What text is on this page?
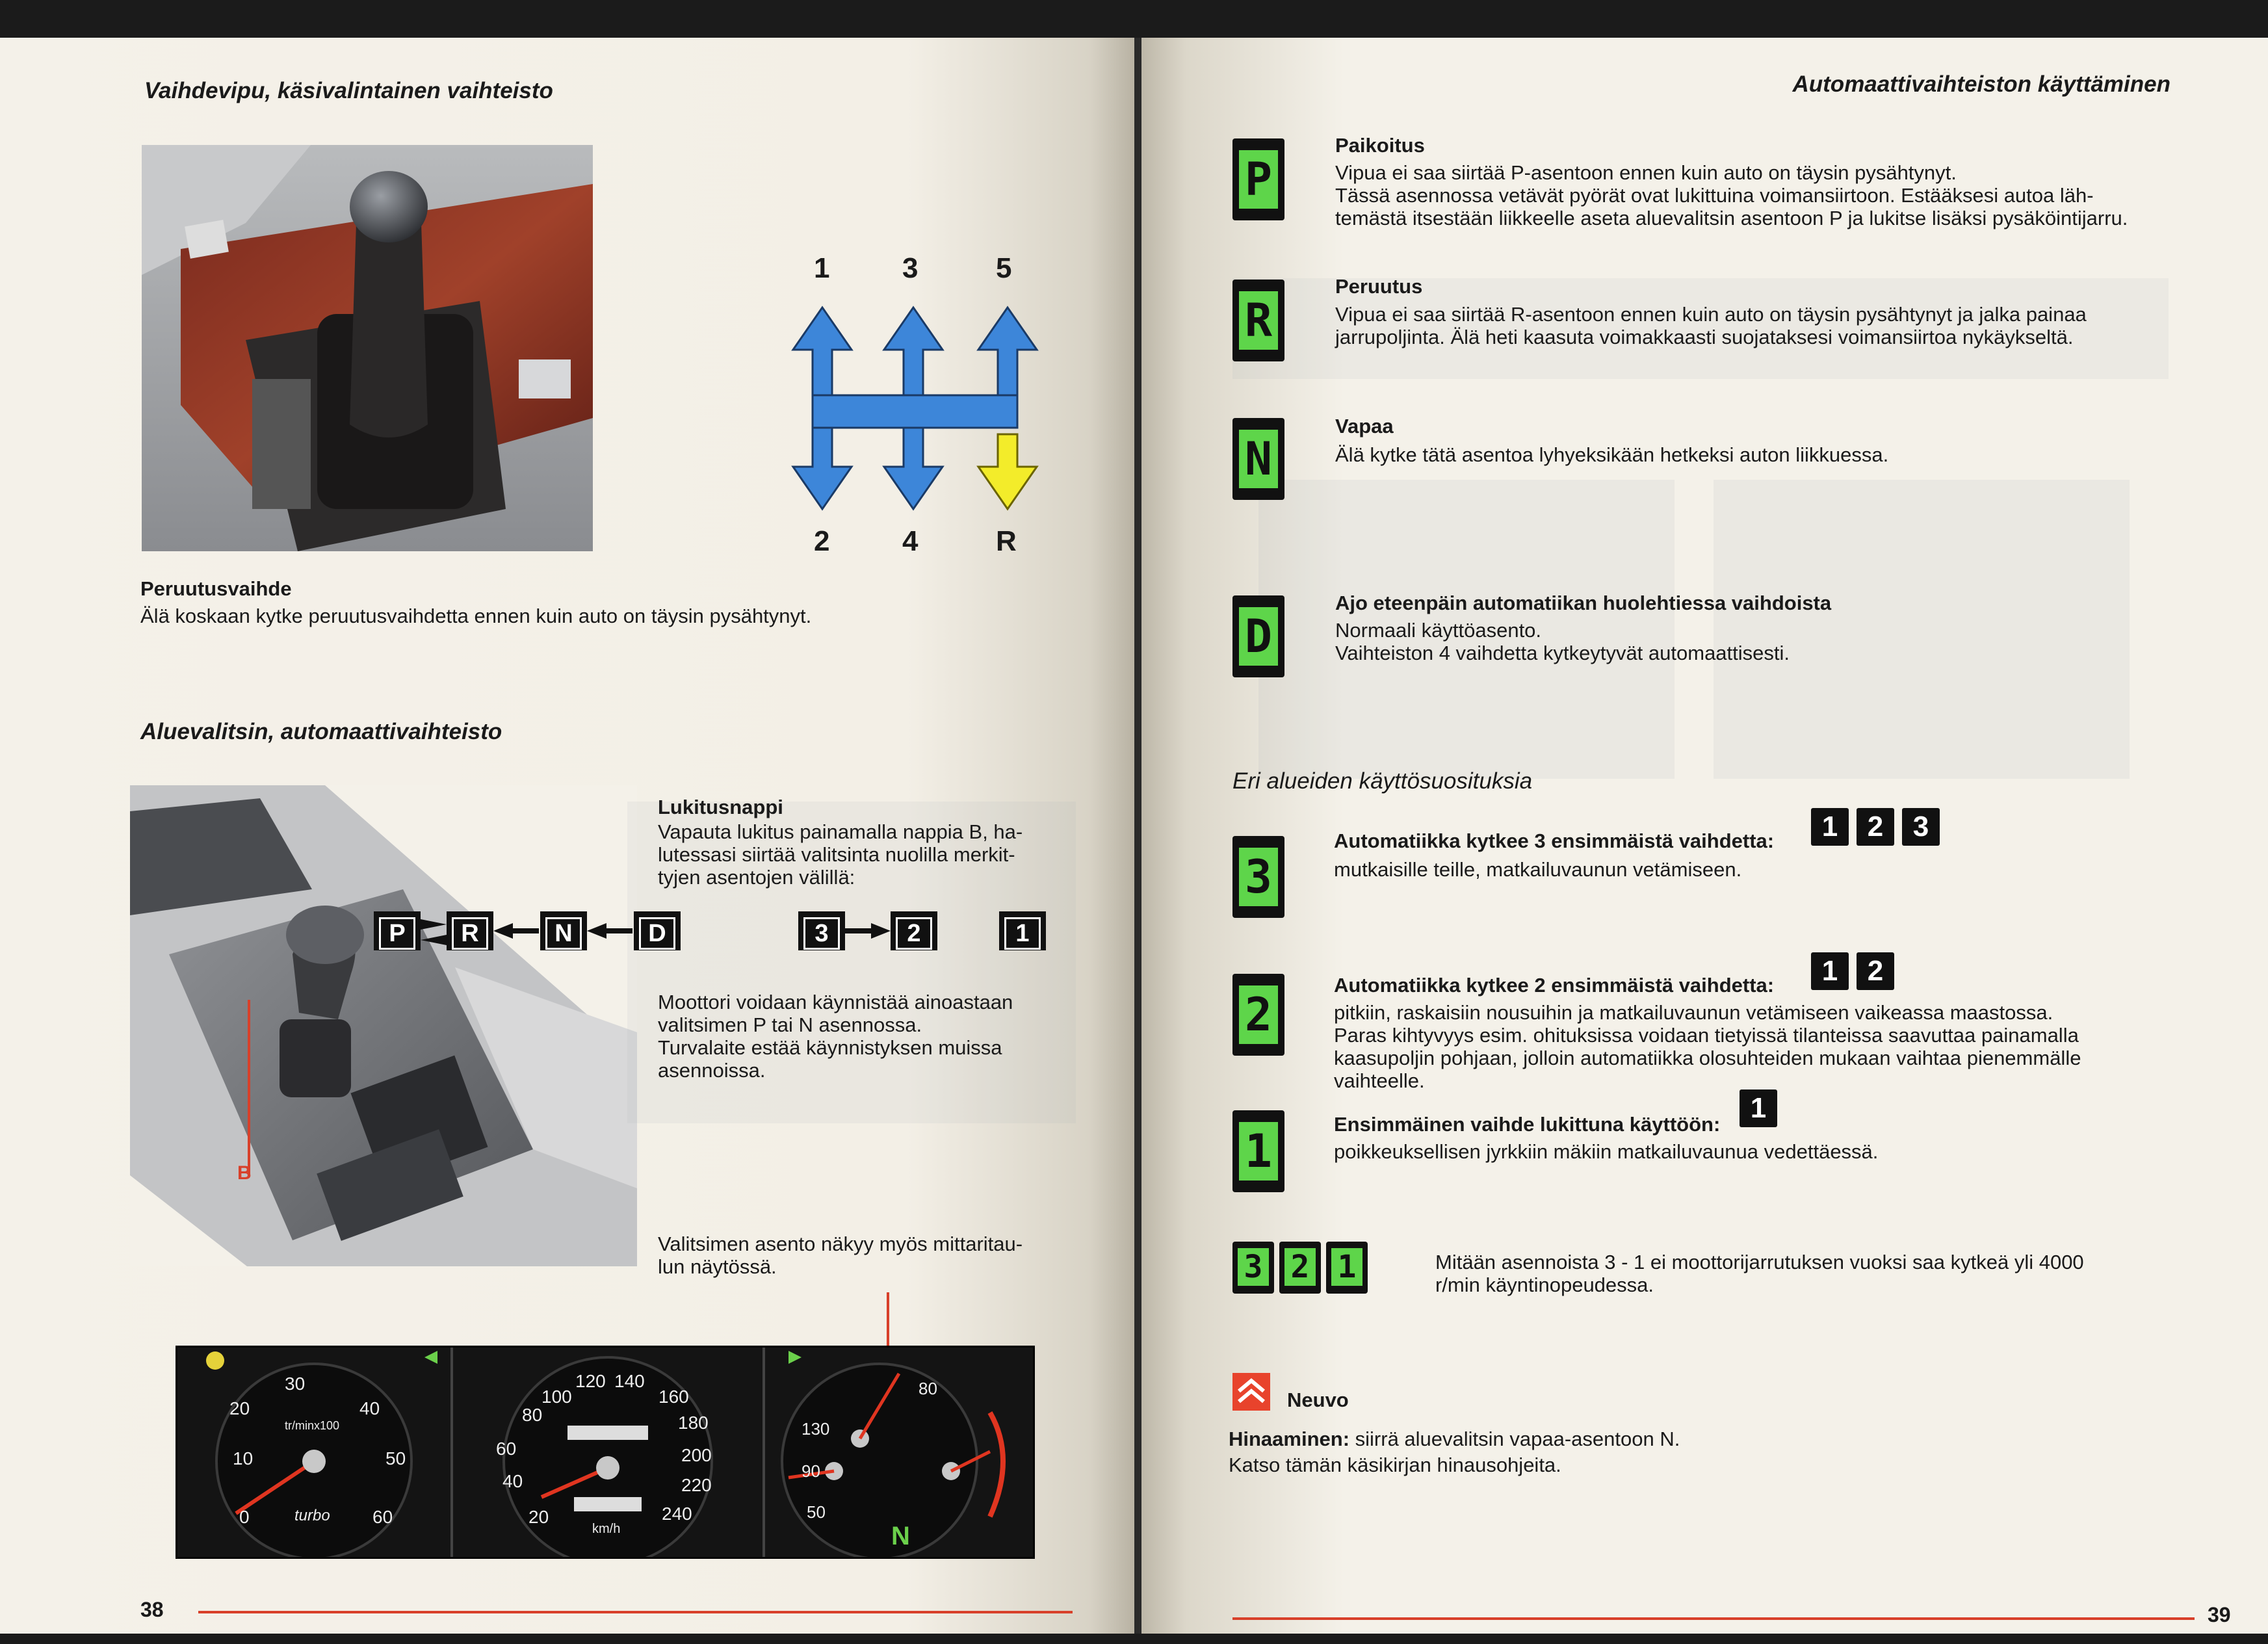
Vaihdevipu, käsivalintainen vaihteisto
1	3	5
2	4	R
Peruutusvaihde
Älä koskaan kytke peruutusvaihdetta ennen kuin auto on täysin pysähtynyt.
Aluevalitsin, automaattivaihteisto
B
Lukitusnappi
Vapauta lukitus painamalla nappia B, ha-
lutessasi siirtää valitsinta nuolilla merkit-
tyjen asentojen välillä:
P	R	N	D	3	2	1
Moottori voidaan käynnistää ainoastaan
valitsimen P tai N asennossa.
Turvalaite estää käynnistyksen muissa
asennoissa.
Valitsimen asento näkyy myös mittaritau-
lun näytössä.
30
20	40
10	50
60
0
tr/minx100
turbo	20
40
60
80
100
120 140
160
180
200
220
240
km/h
130
90
50
80
N
38
Automaattivaihteiston käyttäminen
P
Paikoitus
Vipua ei saa siirtää P-asentoon ennen kuin auto on täysin pysähtynyt.
Tässä asennossa vetävät pyörät ovat lukittuina voimansiirtoon. Estääksesi autoa läh-
temästä itsestään liikkeelle aseta aluevalitsin asentoon P ja lukitse lisäksi pysäköintijarru.
R
Peruutus
Vipua ei saa siirtää R-asentoon ennen kuin auto on täysin pysähtynyt ja jalka painaa
jarrupoljinta. Älä heti kaasuta voimakkaasti suojataksesi voimansiirtoa nykäykseltä.
N
Vapaa
Älä kytke tätä asentoa lyhyeksikään hetkeksi auton liikkuessa.
D
Ajo eteenpäin automatiikan huolehtiessa vaihdoista
Normaali käyttöasento.
Vaihteiston 4 vaihdetta kytkeytyvät automaattisesti.
Eri alueiden käyttösuosituksia
3
Automatiikka kytkee 3 ensimmäistä vaihdetta:	1	2	3
mutkaisille teille, matkailuvaunun vetämiseen.
2
Automatiikka kytkee 2 ensimmäistä vaihdetta:	1	2
pitkiin, raskaisiin nousuihin ja matkailuvaunun vetämiseen vaikeassa maastossa.
Paras kihtyvyys esim. ohituksissa voidaan tietyissä tilanteissa saavuttaa painamalla
kaasupoljin pohjaan, jolloin automatiikka olosuhteiden mukaan vaihtaa pienemmälle
vaihteelle.
1
Ensimmäinen vaihde lukittuna käyttöön:
1
poikkeuksellisen jyrkkiin mäkiin matkailuvaunua vedettäessä.
3 2 1	Mitään asennoista 3 - 1 ei moottorijarrutuksen vuoksi saa kytkeä yli 4000
r/min käyntinopeudessa.
Neuvo
Hinaaminen: siirrä aluevalitsin vapaa-asentoon N.
Katso tämän käsikirjan hinausohjeita.
39
